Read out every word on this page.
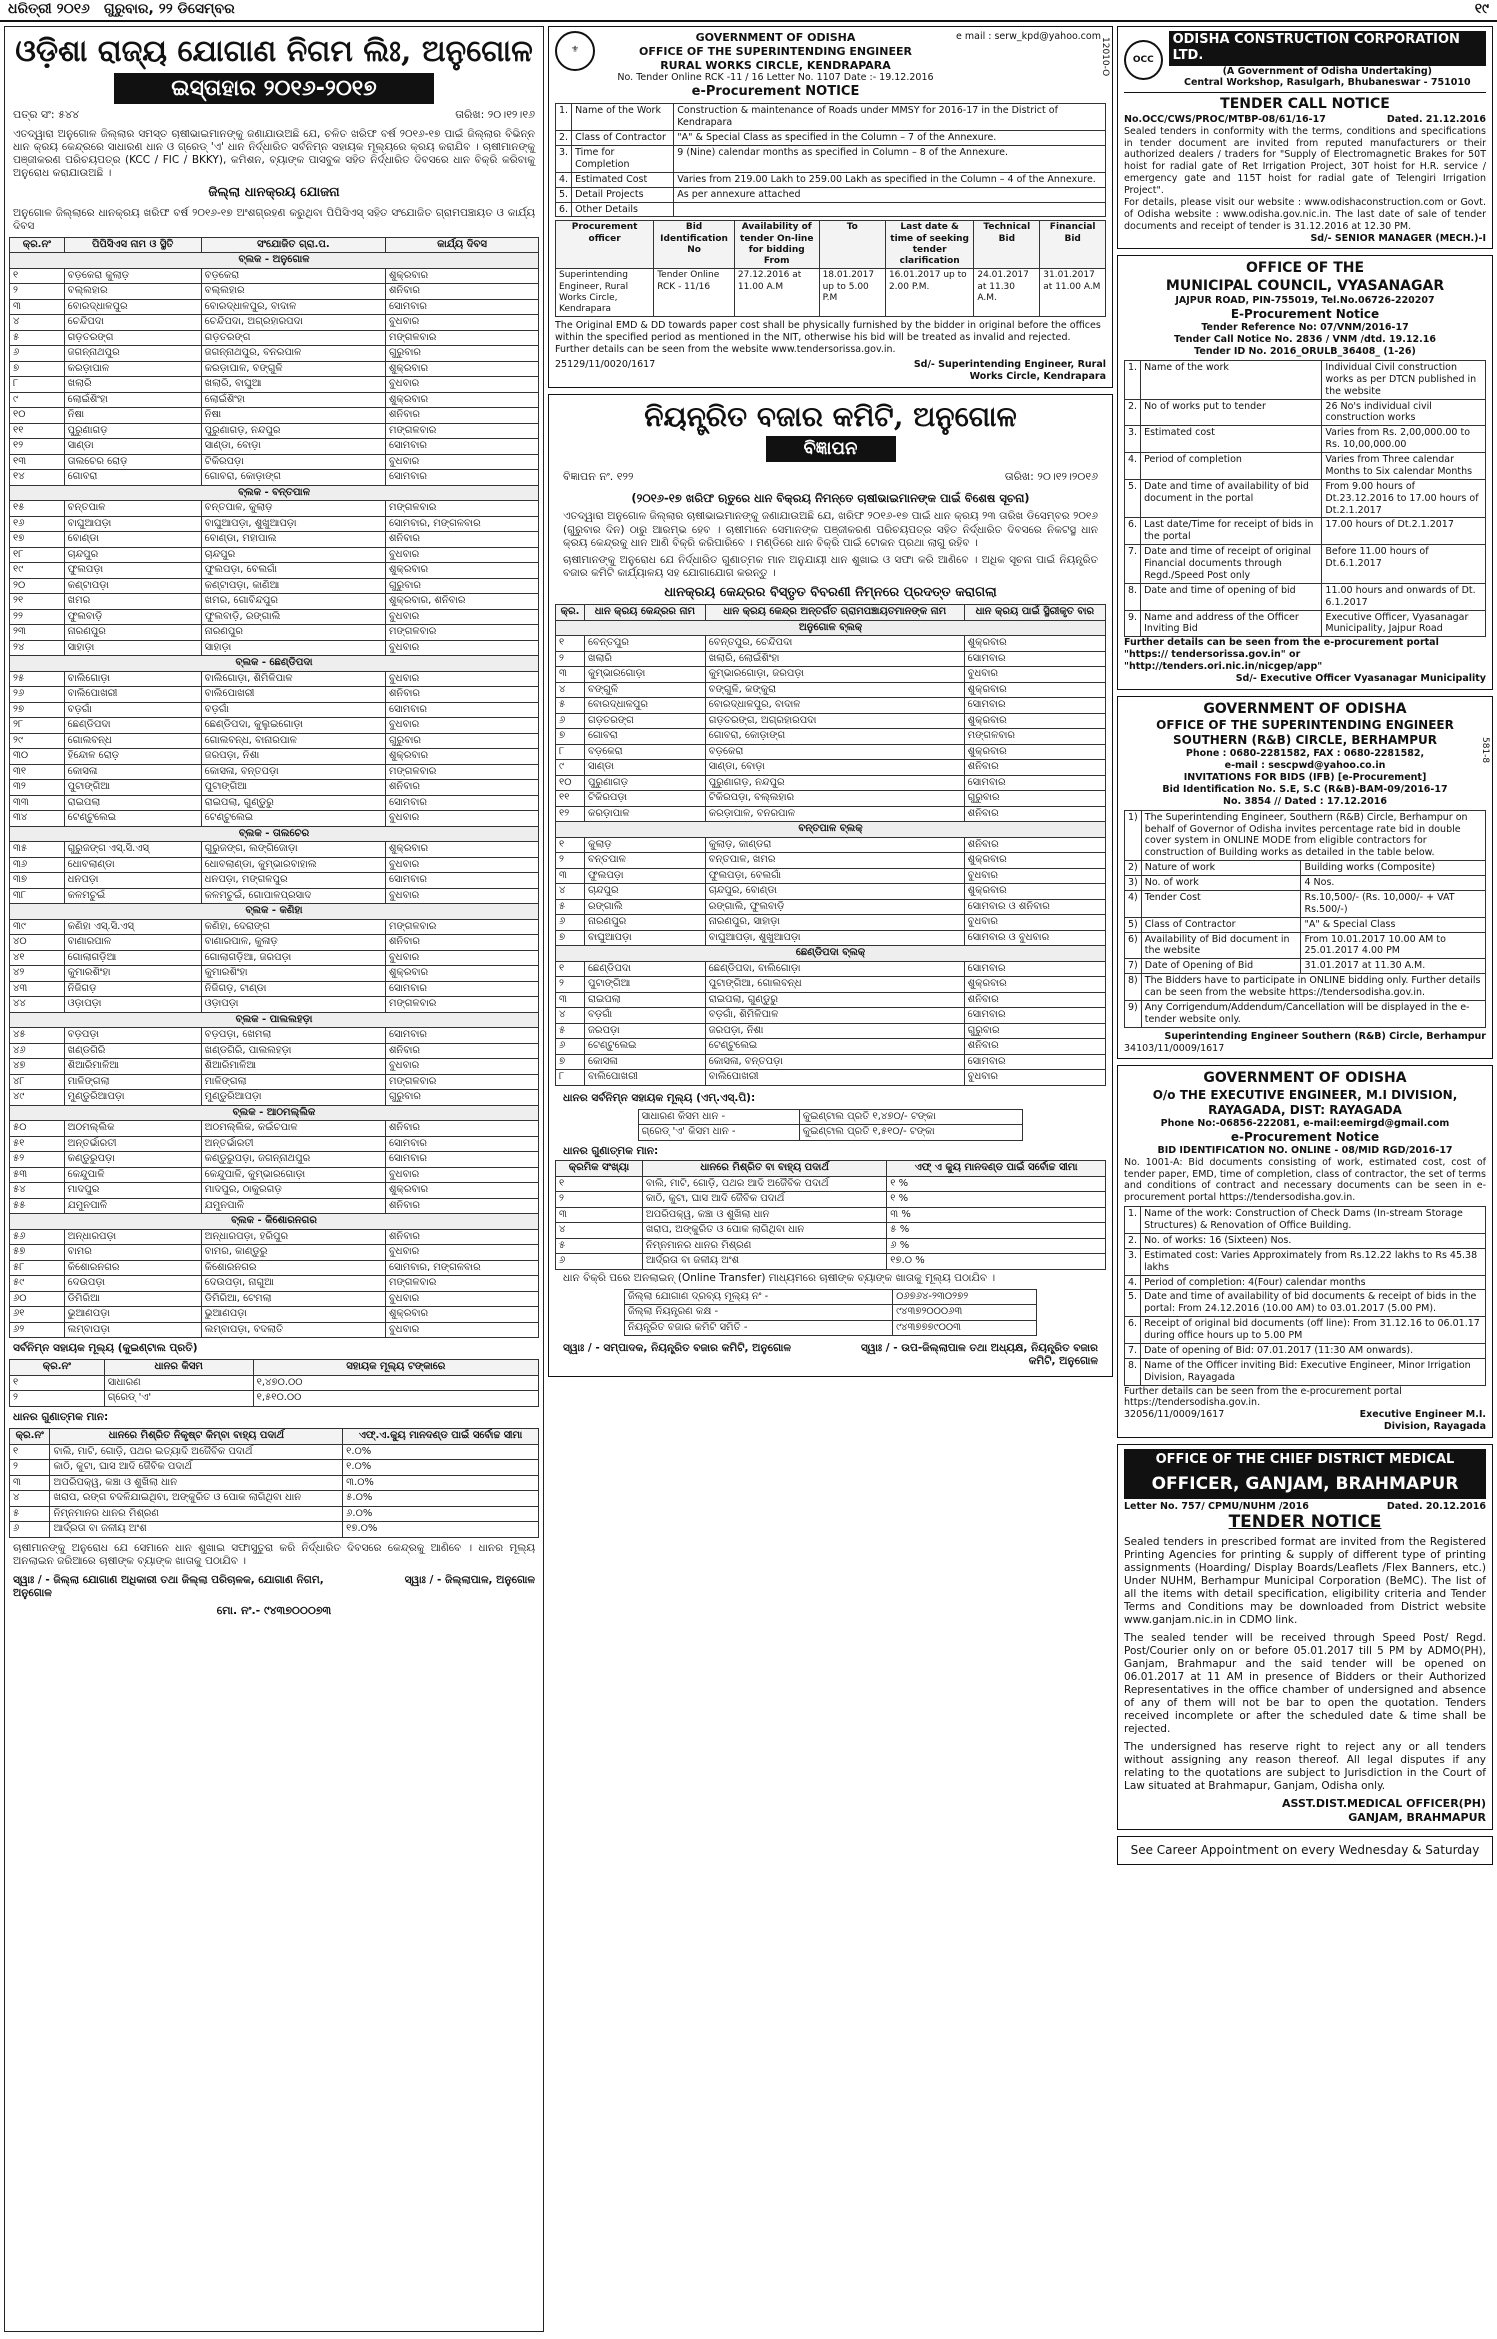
ଧରିତ୍ରୀ ୨୦୧୬ ଗୁରୁବାର, ୨୨ ଡିସେମ୍ବର	୧୯
ଓଡ଼ିଶା ରାଜ୍ୟ ଯୋଗାଣ ନିଗମ ଲିଃ, ଅନୁଗୋଳ
ଇସ୍ତାହାର ୨୦୧୬-୨୦୧୭
ପତ୍ର ସଂ: ୫୪୪	ତାରିଖ: ୨୦।୧୨।୧୬
ଏତଦ୍ୱାରା ଅନୁଗୋଳ ଜିଲ୍ଲାର ସମସ୍ତ ଚାଷୀଭାଇମାନଙ୍କୁ ଜଣାଯାଉଅଛି ଯେ, ଚଳିତ ଖରିଫ ବର୍ଷ ୨୦୧୬-୧୭ ପାଇଁ ଜିଲ୍ଲାର ବିଭିନ୍ନ ଧାନ କ୍ରୟ କେନ୍ଦ୍ରରେ ସାଧାରଣ ଧାନ ଓ ଗ୍ରେଡ୍ 'ଏ' ଧାନ ନିର୍ଦ୍ଧାରିତ ସର୍ବନିମ୍ନ ସହାୟକ ମୂଲ୍ୟରେ କ୍ରୟ କରାଯିବ । ଚାଷୀମାନଙ୍କୁ ପଞ୍ଜୀକରଣ ପରିଚୟପତ୍ର (KCC / FIC / BKKY), କମିଶନ, ବ୍ୟାଙ୍କ ପାସବୁକ ସହିତ ନିର୍ଦ୍ଧାରିତ ଦିବସରେ ଧାନ ବିକ୍ରି କରିବାକୁ ଅନୁରୋଧ କରାଯାଉଅଛି ।
ଜିଲ୍ଲା ଧାନକ୍ରୟ ଯୋଜନା
ଅନୁଗୋଳ ଜିଲ୍ଲାରେ ଧାନକ୍ରୟ ଖରିଫ ବର୍ଷ ୨୦୧୬-୧୭ ଅଂଶଗ୍ରହଣ କରୁଥିବା ପିପିସିଏସ୍ ସହିତ ସଂଯୋଜିତ ଗ୍ରାମପଞ୍ଚାୟତ ଓ କାର୍ଯ୍ୟ ଦିବସ
କ୍ର.ନଂ	ପିପିସିଏସ ନାମ ଓ ସ୍ଥିତି	ସଂଯୋଜିତ ଗ୍ରା.ପ.	କାର୍ଯ୍ୟ ଦିବସ
ବ୍ଲକ - ଅନୁଗୋଳ			
୧	ବଡ଼କେରା କୁଲାଡ଼	ବଡ଼କେରା	ଶୁକ୍ରବାର
୨	ବଲ୍ଲହାର	ବଲ୍ଲହାର	ଶନିବାର
୩	ବୋରଦ୍ଧାଳପୁର	ବୋରଦ୍ଧାଳପୁର, ବାଦାଳ	ସୋମବାର
୪	ଚେନ୍ଦିପଦା	ଚେନ୍ଦିପଦା, ଅଗ୍ରହାରପଦା	ବୁଧବାର
୫	ଗଡ଼ତରଙ୍ଗ	ଗଡ଼ତରଙ୍ଗ	ମଙ୍ଗଳବାର
୬	ଜଗନ୍ନାଥପୁର	ଜଗନ୍ନାଥପୁର, ବନରପାଳ	ଗୁରୁବାର
୭	କରଡ଼ାପାଳ	କରଡ଼ାପାଳ, ବଙ୍ଗୁଳି	ଶୁକ୍ରବାର
୮	ଖଲାରି	ଖଲାରି, ବାଘୁଆ	ବୁଧବାର
୯	ଲୋଇଁଶିଂହା	ଲୋଇଁଶିଂହା	ଶୁକ୍ରବାର
୧୦	ନିଷା	ନିଷା	ଶନିବାର
୧୧	ପୁରୁଣାଗଡ଼	ପୁରୁଣାଗଡ଼, ନନ୍ଦପୁର	ମଙ୍ଗଳବାର
୧୨	ସାଣ୍ଡା	ସାଣ୍ଡା, ବୋଡ଼ା	ସୋମବାର
୧୩	ତାଲଚେର ରୋଡ଼	ଟିକିରପଡ଼ା	ବୁଧବାର
୧୪	ଗୋବରା	ଗୋବରା, କୋଡ଼ାଙ୍ଗ	ସୋମବାର
ବ୍ଲକ - ବନ୍ତପାଳ			
୧୫	ବନ୍ତପାଳ	ବନ୍ତପାଳ, କୁଲାଡ଼	ମଙ୍ଗଳବାର
୧୬	ବାଘୁଆପଡ଼ା	ବାଘୁଆପଡ଼ା, ଶୁଖୁଆପଡ଼ା	ସୋମବାର, ମଙ୍ଗଳବାର
୧୭	ବୋଣ୍ଡା	ବୋଣ୍ଡା, ମହାପାଲ	ଶନିବାର
୧୮	ଚାନ୍ଦପୁର	ଚାନ୍ଦପୁର	ବୁଧବାର
୧୯	ଫୁଲପଡ଼ା	ଫୁଲପଡ଼ା, ବେଲଗାଁ	ଶୁକ୍ରବାର
୨୦	କଣ୍ଟାପଡ଼ା	କଣ୍ଟାପଡ଼ା, କାଣିଆ	ଗୁରୁବାର
୨୧	ଖମର	ଖମର, ଗୋବିନ୍ଦପୁର	ଶୁକ୍ରବାର, ଶନିବାର
୨୨	ଫୁଲବାଡ଼ି	ଫୁଲବାଡ଼ି, ରଙ୍ଗାଲି	ବୁଧବାର
୨୩	ନାରଣପୁର	ନାରଣପୁର	ମଙ୍ଗଳବାର
୨୪	ସାହାଡ଼ା	ସାହାଡ଼ା	ବୁଧବାର
ବ୍ଲକ - ଛେଣ୍ଡିପଦା			
୨୫	ବାଲିଗୋଡ଼ା	ବାଲିଗୋଡ଼ା, ଶିମିଳିପାଳ	ବୁଧବାର
୨୬	ବାଲିପୋଖରୀ	ବାଲିପୋଖରୀ	ଶନିବାର
୨୭	ବଡ଼ଗାଁ	ବଡ଼ଗାଁ	ସୋମବାର
୨୮	ଛେଣ୍ଡିପଦା	ଛେଣ୍ଡିପଦା, କୁଲୁଇଗୋଡ଼ା	ବୁଧବାର
୨୯	ଗୋଲବନ୍ଧ	ଗୋଲବନ୍ଧ, ବାନାରପାଳ	ଗୁରୁବାର
୩୦	ହିନ୍ଦୋଳ ରୋଡ଼	ଜରପଡ଼ା, ନିଶା	ଶୁକ୍ରବାର
୩୧	କୋସଳା	କୋସଳା, ବନ୍ତପଡ଼ା	ମଙ୍ଗଳବାର
୩୨	ପୁଟାଙ୍ଗିଆ	ପୁଟାଙ୍ଗିଆ	ଶନିବାର
୩୩	ରାଇପଲା	ରାଇପଲା, ଗୁଣ୍ଡୁରୁ	ସୋମବାର
୩୪	ଟେଣ୍ଟୁଲେଇ	ଟେଣ୍ଟୁଲେଇ	ବୁଧବାର
ବ୍ଲକ - ତାଲଚେର			
୩୫	ଗୁରୁଜଙ୍ଗ ଏସ୍.ସି.ଏସ୍	ଗୁରୁଜଙ୍ଗ, ଲଙ୍ଗିଜୋଡ଼ା	ଶୁକ୍ରବାର
୩୬	ଧୋବଲାଣ୍ଡା	ଧୋବଲାଣ୍ଡା, କୁମ୍ଭାରବାହାଲ	ବୁଧବାର
୩୭	ଧନପଡ଼ା	ଧନପଡ଼ା, ମଙ୍ଗଳପୁର	ସୋମବାର
୩୮	କଳମଚୁଇଁ	କଳମଚୁଇଁ, ଗୋପାଳପ୍ରସାଦ	ବୁଧବାର
ବ୍ଲକ - କଣିହା			
୩୯	କଣିହା ଏସ୍.ସି.ଏସ୍	କଣିହା, ଦେରାଙ୍ଗ	ମଙ୍ଗଳବାର
୪୦	ବାଣାରପାଳ	ବାଣାରପାଳ, କୁଳାଡ଼	ଶନିବାର
୪୧	ଗୋଲାଗଡ଼ିଆ	ଗୋଲାଗଡ଼ିଆ, ଜରପଡ଼ା	ବୁଧବାର
୪୨	କୁମାରଶିଂହା	କୁମାରଶିଂହା	ଶୁକ୍ରବାର
୪୩	ନିଜିଗଡ଼	ନିଜିଗଡ଼, ଟାଣ୍ଡା	ସୋମବାର
୪୪	ଓଡ଼ାପଡ଼ା	ଓଡ଼ାପଡ଼ା	ମଙ୍ଗଳବାର
ବ୍ଲକ - ପାଲଲହଡ଼ା			
୪୫	ବଡ଼ପଡ଼ା	ବଡ଼ପଡ଼ା, ଖେମଲା	ସୋମବାର
୪୬	ଖଣ୍ଡଗିରି	ଖଣ୍ଡଗିରି, ପାଲଲହଡ଼ା	ଶନିବାର
୪୭	ଶିଆରିମାଳିଆ	ଶିଆରିମାଳିଆ	ବୁଧବାର
୪୮	ମାଳିଙ୍ଗଲା	ମାଳିଙ୍ଗଲା	ମଙ୍ଗଳବାର
୪୯	ମୁଣ୍ଡୁରିଆପଡ଼ା	ମୁଣ୍ଡୁରିଆପଡ଼ା	ଗୁରୁବାର
ବ୍ଲକ - ଆଠମଲ୍ଲିକ			
୫୦	ଅଠମଲ୍ଲିକ	ଅଠମଲ୍ଲିକ, କଇଁଚପାଳ	ଶନିବାର
୫୧	ଅନ୍ତର୍ଭାରତୀ	ଅନ୍ତର୍ଭାରତୀ	ସୋମବାର
୫୨	କଣ୍ଡୁରୁପଡ଼ା	କଣ୍ଡୁରୁପଡ଼ା, ଜଗନ୍ନାଥପୁର	ସୋମବାର
୫୩	କେନ୍ଦୁପାଳି	କେନ୍ଦୁପାଳି, କୁମ୍ଭାରଗୋଡ଼ା	ବୁଧବାର
୫୪	ମାଦପୁର	ମାଦପୁର, ଠାକୁରଗଡ଼	ଶୁକ୍ରବାର
୫୫	ଯମୁନପାଳି	ଯମୁନପାଳି	ଶନିବାର
ବ୍ଲକ - କିଶୋରନଗର			
୫୬	ଅନ୍ଧାରପଡ଼ା	ଅନ୍ଧାରପଡ଼ା, ହରିପୁର	ଶନିବାର
୫୭	ବାମର	ବାମର, କାଣ୍ଡୁରୁ	ବୁଧବାର
୫୮	କିଶୋରନଗର	କିଶୋରନଗର	ସୋମବାର, ମଙ୍ଗଳବାର
୫୯	ଦେଉପଡ଼ା	ଦେଉପଡ଼ା, ନାଗୁଆ	ମଙ୍ଗଳବାର
୬୦	ଡିମିରିଆ	ଡିମିରିଆ, ଟେମଲା	ବୁଧବାର
୬୧	ଭୁଆଣପଡ଼ା	ଭୁଆଣପଡ଼ା	ଶୁକ୍ରବାର
୬୨	ଲମ୍ବାପଡ଼ା	ଲମ୍ବାପଡ଼ା, ବଦଲାତି	ବୁଧବାର
ସର୍ବନିମ୍ନ ସହାୟକ ମୂଲ୍ୟ (କୁଇଣ୍ଟାଲ ପ୍ରତି)
କ୍ର.ନଂ	ଧାନର କିସମ	ସହାୟକ ମୂଲ୍ୟ ଟଙ୍କାରେ
୧	ସାଧାରଣ	୧,୪୭୦.୦୦
୨	ଗ୍ରେଡ୍ 'ଏ'	୧,୫୧୦.୦୦
ଧାନର ଗୁଣାତ୍ମକ ମାନ:
କ୍ର.ନଂ	ଧାନରେ ମିଶ୍ରିତ ନିକୃଷ୍ଟ କିମ୍ବା ବାହ୍ୟ ପଦାର୍ଥ	ଏଫ୍.ଏ.କ୍ୟୁ ମାନଦଣ୍ଡ ପାଇଁ ସର୍ବୋଚ୍ଚ ସୀମା
୧	ବାଲି, ମାଟି, ଗୋଡ଼ି, ପଥର ଇତ୍ୟାଦି ଅଜୈବିକ ପଦାର୍ଥ	୧.୦%
୨	କାଠି, କୁଟା, ଘାସ ଆଦି ଜୈବିକ ପଦାର୍ଥ	୧.୦%
୩	ଅପରିପକ୍ୱ, କଞ୍ଚା ଓ ଶୁଖିଲା ଧାନ	୩.୦%
୪	ଖରାପ, ରଙ୍ଗ ବଦଳିଯାଇଥିବା, ଅଙ୍କୁରିତ ଓ ପୋକ ଲାଗିଥିବା ଧାନ	୫.୦%
୫	ନିମ୍ନମାନର ଧାନର ମିଶ୍ରଣ	୬.୦%
୬	ଆର୍ଦ୍ରତା ବା ଜଳୀୟ ଅଂଶ	୧୭.୦%
ଚାଷୀମାନଙ୍କୁ ଅନୁରୋଧ ଯେ ସେମାନେ ଧାନ ଶୁଖାଇ ସଫାସୁତୁରା କରି ନିର୍ଦ୍ଧାରିତ ଦିବସରେ କେନ୍ଦ୍ରକୁ ଆଣିବେ । ଧାନର ମୂଲ୍ୟ ଅନଲାଇନ ଜରିଆରେ ଚାଷୀଙ୍କ ବ୍ୟାଙ୍କ ଖାତାକୁ ପଠାଯିବ ।
ସ୍ୱାଃ / - ଜିଲ୍ଲା ଯୋଗାଣ ଅଧିକାରୀ ତଥା ଜିଲ୍ଲା ପରିଚାଳକ, ଯୋଗାଣ ନିଗମ, ଅନୁଗୋଳ
ସ୍ୱାଃ / - ଜିଲ୍ଲାପାଳ, ଅନୁଗୋଳ
ମୋ. ନଂ.- ୯୪୩୭୦୦୦୭୩
12010-O
⚜
GOVERNMENT OF ODISHA
OFFICE OF THE SUPERINTENDING ENGINEER
RURAL WORKS CIRCLE, KENDRAPARA
No. Tender Online RCK -11 / 16 Letter No. 1107 Date :- 19.12.2016
e-Procurement NOTICE
e mail : serw_kpd@yahoo.com
1.	Name of the Work	Construction & maintenance of Roads under MMSY for 2016-17 in the District of Kendrapara
2.	Class of Contractor	"A" & Special Class as specified in the Column – 7 of the Annexure.
3.	Time for Completion	9 (Nine) calendar months as specified in Column – 8 of the Annexure.
4.	Estimated Cost	Varies from 219.00 Lakh to 259.00 Lakh as specified in the Column – 4 of the Annexure.
5.	Detail Projects	As per annexure attached
6.	Other Details	
Procurement officer	Bid Identification No	Availability of tender On-line for bidding From	To	Last date & time of seeking tender clarification	Technical Bid	Financial Bid
Superintending Engineer, Rural Works Circle, Kendrapara	Tender Online RCK - 11/16	27.12.2016 at 11.00 A.M	18.01.2017 up to 5.00 P.M	16.01.2017 up to 2.00 P.M.	24.01.2017 at 11.30 A.M.	31.01.2017 at 11.00 A.M
The Original EMD & DD towards paper cost shall be physically furnished by the bidder in original before the offices within the specified period as mentioned in the NIT, otherwise his bid will be treated as invalid and rejected. Further details can be seen from the website www.tendersorissa.gov.in.
25129/11/0020/1617	Sd/- Superintending Engineer, Rural Works Circle, Kendrapara
ନିୟନ୍ତ୍ରିତ ବଜାର କମିଟି, ଅନୁଗୋଳ
ବିଜ୍ଞାପନ
ବିଜ୍ଞାପନ ନଂ. ୧୨୨	ତାରିଖ: ୨୦।୧୨।୨୦୧୬
(୨୦୧୬-୧୭ ଖରିଫ ଋତୁରେ ଧାନ ବିକ୍ରୟ ନିମନ୍ତେ ଚାଷୀଭାଇମାନଙ୍କ ପାଇଁ ବିଶେଷ ସୂଚନା)
ଏତଦ୍ୱାରା ଅନୁଗୋଳ ଜିଲ୍ଲାର ଚାଷୀଭାଇମାନଙ୍କୁ ଜଣାଯାଉଅଛି ଯେ, ଖରିଫ ୨୦୧୬-୧୭ ପାଇଁ ଧାନ କ୍ରୟ ୨୩ ତାରିଖ ଡିସେମ୍ବର ୨୦୧୬ (ଗୁରୁବାର ଦିନ) ଠାରୁ ଆରମ୍ଭ ହେବ । ଚାଷୀମାନେ ସେମାନଙ୍କ ପଞ୍ଜୀକରଣ ପରିଚୟପତ୍ର ସହିତ ନିର୍ଦ୍ଧାରିତ ଦିବସରେ ନିକଟସ୍ଥ ଧାନ କ୍ରୟ କେନ୍ଦ୍ରକୁ ଧାନ ଆଣି ବିକ୍ରି କରିପାରିବେ । ମଣ୍ଡିରେ ଧାନ ବିକ୍ରି ପାଇଁ ଟୋକନ ପ୍ରଥା ଲାଗୁ ରହିବ ।
ଚାଷୀମାନଙ୍କୁ ଅନୁରୋଧ ଯେ ନିର୍ଦ୍ଧାରିତ ଗୁଣାତ୍ମକ ମାନ ଅନୁଯାୟୀ ଧାନ ଶୁଖାଇ ଓ ସଫା କରି ଆଣିବେ । ଅଧିକ ସୂଚନା ପାଇଁ ନିୟନ୍ତ୍ରିତ ବଜାର କମିଟି କାର୍ଯ୍ୟାଳୟ ସହ ଯୋଗାଯୋଗ କରନ୍ତୁ ।
ଧାନକ୍ରୟ କେନ୍ଦ୍ରର ବିସ୍ତୃତ ବିବରଣୀ ନିମ୍ନରେ ପ୍ରଦତ୍ତ କରାଗଲା
କ୍ର.	ଧାନ କ୍ରୟ କେନ୍ଦ୍ରର ନାମ	ଧାନ କ୍ରୟ କେନ୍ଦ୍ର ଅନ୍ତର୍ଗତ ଗ୍ରାମପଞ୍ଚାୟତମାନଙ୍କ ନାମ	ଧାନ କ୍ରୟ ପାଇଁ ସ୍ଥିରୀକୃତ ବାର
ଅନୁଗୋଳ ବ୍ଲକ୍			
୧	ବେନ୍ତପୁର	ବେନ୍ତପୁର, ଚେନ୍ଦିପଦା	ଶୁକ୍ରବାର
୨	ଖଲାରି	ଖଲାରି, ଲୋଇଁଶିଂହା	ସୋମବାର
୩	କୁମ୍ଭାରଗୋଡ଼ା	କୁମ୍ଭାରଗୋଡ଼ା, ଜରପଡ଼ା	ବୁଧବାର
୪	ବଙ୍ଗୁଳି	ବଙ୍ଗୁଳି, କଙ୍କୁରା	ଶୁକ୍ରବାର
୫	ବୋରଦ୍ଧାଳପୁର	ବୋରଦ୍ଧାଳପୁର, ବାଦାଳ	ସୋମବାର
୬	ଗଡ଼ତରଙ୍ଗ	ଗଡ଼ତରଙ୍ଗ, ଅଗ୍ରହାରପଦା	ଶୁକ୍ରବାର
୭	ଗୋବରା	ଗୋବରା, କୋଡ଼ାଙ୍ଗ	ମଙ୍ଗଳବାର
୮	ବଡ଼କେରା	ବଡ଼କେରା	ଶୁକ୍ରବାର
୯	ସାଣ୍ଡା	ସାଣ୍ଡା, ବୋଡ଼ା	ଶନିବାର
୧୦	ପୁରୁଣାଗଡ଼	ପୁରୁଣାଗଡ଼, ନନ୍ଦପୁର	ସୋମବାର
୧୧	ଟିକିରପଡ଼ା	ଟିକିରପଡ଼ା, ବଲ୍ଲହାର	ଗୁରୁବାର
୧୨	କରଡ଼ାପାଳ	କରଡ଼ାପାଳ, ବନରପାଳ	ଶନିବାର
ବନ୍ତପାଳ ବ୍ଲକ୍			
୧	କୁଲାଡ଼	କୁଲାଡ଼, କାଣ୍ଡରା	ଶନିବାର
୨	ବନ୍ତପାଳ	ବନ୍ତପାଳ, ଖମର	ଶୁକ୍ରବାର
୩	ଫୁଲପଡ଼ା	ଫୁଲପଡ଼ା, ବେଲଗାଁ	ବୁଧବାର
୪	ଚାନ୍ଦପୁର	ଚାନ୍ଦପୁର, ବୋଣ୍ଡା	ଶୁକ୍ରବାର
୫	ରଙ୍ଗାଲି	ରଙ୍ଗାଲି, ଫୁଲବାଡ଼ି	ସୋମବାର ଓ ଶନିବାର
୬	ନାରଣପୁର	ନାରଣପୁର, ସାହାଡ଼ା	ବୁଧବାର
୭	ବାଘୁଆପଡ଼ା	ବାଘୁଆପଡ଼ା, ଶୁଖୁଆପଡ଼ା	ସୋମବାର ଓ ବୁଧବାର
ଛେଣ୍ଡିପଦା ବ୍ଲକ୍			
୧	ଛେଣ୍ଡିପଦା	ଛେଣ୍ଡିପଦା, ବାଲିଗୋଡ଼ା	ସୋମବାର
୨	ପୁଟାଙ୍ଗିଆ	ପୁଟାଙ୍ଗିଆ, ଗୋଲବନ୍ଧ	ଶୁକ୍ରବାର
୩	ରାଇପଲା	ରାଇପଲା, ଗୁଣ୍ଡୁରୁ	ଶନିବାର
୪	ବଡ଼ଗାଁ	ବଡ଼ଗାଁ, ଶିମିଳିପାଳ	ସୋମବାର
୫	ଜରପଡ଼ା	ଜରପଡ଼ା, ନିଶା	ଗୁରୁବାର
୬	ଟେଣ୍ଟୁଲେଇ	ଟେଣ୍ଟୁଲେଇ	ଶନିବାର
୭	କୋସଳା	କୋସଳା, ବନ୍ତପଡ଼ା	ସୋମବାର
୮	ବାଲିପୋଖରୀ	ବାଲିପୋଖରୀ	ବୁଧବାର
ଧାନର ସର୍ବନିମ୍ନ ସହାୟକ ମୂଲ୍ୟ (ଏମ୍.ଏସ୍.ପି):
ସାଧାରଣ କିସମ ଧାନ -	କୁଇଣ୍ଟାଲ ପ୍ରତି ୧,୪୭୦/- ଟଙ୍କା
ଗ୍ରେଡ୍ 'ଏ' କିସମ ଧାନ -	କୁଇଣ୍ଟାଲ ପ୍ରତି ୧,୫୧୦/- ଟଙ୍କା
ଧାନର ଗୁଣାତ୍ମକ ମାନ:
କ୍ରମିକ ସଂଖ୍ୟା	ଧାନରେ ମିଶ୍ରିତ ବା ବାହ୍ୟ ପଦାର୍ଥ	ଏଫ୍ ଏ କ୍ୟୁ ମାନଦଣ୍ଡ ପାଇଁ ସର୍ବୋଚ୍ଚ ସୀମା
୧	ବାଲି, ମାଟି, ଗୋଡ଼ି, ପଥର ଆଦି ଅଜୈବିକ ପଦାର୍ଥ	୧ %
୨	କାଠି, କୁଟା, ଘାସ ଆଦି ଜୈବିକ ପଦାର୍ଥ	୧ %
୩	ଅପରିପକ୍ୱ, କଞ୍ଚା ଓ ଶୁଖିଲା ଧାନ	୩ %
୪	ଖରାପ, ଅଙ୍କୁରିତ ଓ ପୋକ ଲାଗିଥିବା ଧାନ	୫ %
୫	ନିମ୍ନମାନର ଧାନର ମିଶ୍ରଣ	୬ %
୬	ଆର୍ଦ୍ରତା ବା ଜଳୀୟ ଅଂଶ	୧୭.୦ %
ଧାନ ବିକ୍ରି ପରେ ଅନଲାଇନ୍ (Online Transfer) ମାଧ୍ୟମରେ ଚାଷୀଙ୍କ ବ୍ୟାଙ୍କ ଖାତାକୁ ମୂଲ୍ୟ ପଠାଯିବ ।
ଜିଲ୍ଲା ଯୋଗାଣ ଦ୍ରବ୍ୟ ମୂଲ୍ୟ ନଂ -	୦୬୭୬୪-୨୩୦୨୭୨
ଜିଲ୍ଲା ନିୟନ୍ତ୍ରଣ କକ୍ଷ -	୯୪୩୭୨୦୦୦୬୩
ନିୟନ୍ତ୍ରିତ ବଜାର କମିଟି ସମିତି -	୯୪୩୭୭୭୯୦୦୩
ସ୍ୱାଃ / - ସମ୍ପାଦକ, ନିୟନ୍ତ୍ରିତ ବଜାର କମିଟି, ଅନୁଗୋଳ	ସ୍ୱାଃ / - ଉପ-ଜିଲ୍ଲାପାଳ ତଥା ଅଧ୍ୟକ୍ଷ, ନିୟନ୍ତ୍ରିତ ବଜାର କମିଟି, ଅନୁଗୋଳ
OCC
ODISHA CONSTRUCTION CORPORATION LTD.
(A Government of Odisha Undertaking)
Central Workshop, Rasulgarh, Bhubaneswar - 751010
TENDER CALL NOTICE
No.OCC/CWS/PROC/MTBP-08/61/16-17	Dated. 21.12.2016
Sealed tenders in conformity with the terms, conditions and specifications in tender document are invited from reputed manufacturers or their authorized dealers / traders for "Supply of Electromagnetic Brakes for 50T hoist for radial gate of Ret Irrigation Project, 30T hoist for H.R. service / emergency gate and 115T hoist for radial gate of Telengiri Irrigation Project".
For details, please visit our website : www.odishaconstruction.com or Govt. of Odisha website : www.odisha.gov.nic.in. The last date of sale of tender documents and receipt of tender is 31.12.2016 at 12.30 PM.
Sd/- SENIOR MANAGER (MECH.)-I
OFFICE OF THE
MUNICIPAL COUNCIL, VYASANAGAR
JAJPUR ROAD, PIN-755019, Tel.No.06726-220207
E-Procurement Notice
Tender Reference No: 07/VNM/2016-17
Tender Call Notice No. 2836 / VNM /dtd. 19.12.16
Tender ID No. 2016_ORULB_36408_ (1-26)
1.	Name of the work	Individual Civil construction works as per DTCN published in the website
2.	No of works put to tender	26 No's individual civil construction works
3.	Estimated cost	Varies from Rs. 2,00,000.00 to Rs. 10,00,000.00
4.	Period of completion	Varies from Three calendar Months to Six calendar Months
5.	Date and time of availability of bid document in the portal	From 9.00 hours of Dt.23.12.2016 to 17.00 hours of Dt.2.1.2017
6.	Last date/Time for receipt of bids in the portal	17.00 hours of Dt.2.1.2017
7.	Date and time of receipt of original Financial documents through Regd./Speed Post only	Before 11.00 hours of Dt.6.1.2017
8.	Date and time of opening of bid	11.00 hours and onwards of Dt. 6.1.2017
9.	Name and address of the Officer Inviting Bid	Executive Officer, Vyasanagar Municipality, Jajpur Road
Further details can be seen from the e-procurement portal "https:// tendersorissa.gov.in" or "http://tenders.ori.nic.in/nicgep/app"
Sd/- Executive Officer Vyasanagar Municipality
581-8
GOVERNMENT OF ODISHA
OFFICE OF THE SUPERINTENDING ENGINEER
SOUTHERN (R&B) CIRCLE, BERHAMPUR
Phone : 0680-2281582, FAX : 0680-2281582,
e-mail : sescpwd@yahoo.co.in
INVITATIONS FOR BIDS (IFB) [e-Procurement]
Bid Identification No. S.E, S.C (R&B)-BAM-09/2016-17
No. 3854 // Dated : 17.12.2016
1)	The Superintending Engineer, Southern (R&B) Circle, Berhampur on behalf of Governor of Odisha invites percentage rate bid in double cover system in ONLINE MODE from eligible contractors for construction of Building works as detailed in the table below.	
2)	Nature of work	Building works (Composite)
3)	No. of work	4 Nos.
4)	Tender Cost	Rs.10,500/- (Rs. 10,000/- + VAT Rs.500/-)
5)	Class of Contractor	"A" & Special Class
6)	Availability of Bid document in the website	From 10.01.2017 10.00 AM to 25.01.2017 4.00 PM
7)	Date of Opening of Bid	31.01.2017 at 11.30 A.M.
8)	The Bidders have to participate in ONLINE bidding only. Further details can be seen from the website https://tendersodisha.gov.in.	
9)	Any Corrigendum/Addendum/Cancellation will be displayed in the e-tender website only.	
Superintending Engineer Southern (R&B) Circle, Berhampur
34103/11/0009/1617
GOVERNMENT OF ODISHA
O/o THE EXECUTIVE ENGINEER, M.I DIVISION, RAYAGADA, DIST: RAYAGADA
Phone No:-06856-222081, e-mail:eemirgd@gmail.com
e-Procurement Notice
BID IDENTIFICATION NO. ONLINE - 08/MID RGD/2016-17
No. 1001-A: Bid documents consisting of work, estimated cost, cost of tender paper, EMD, time of completion, class of contractor, the set of terms and conditions of contract and necessary documents can be seen in e-procurement portal https://tendersodisha.gov.in.
1.	Name of the work: Construction of Check Dams (In-stream Storage Structures) & Renovation of Office Building.
2.	No. of works: 16 (Sixteen) Nos.
3.	Estimated cost: Varies Approximately from Rs.12.22 lakhs to Rs 45.38 lakhs
4.	Period of completion: 4(Four) calendar months
5.	Date and time of availability of bid documents & receipt of bids in the portal: From 24.12.2016 (10.00 AM) to 03.01.2017 (5.00 PM).
6.	Receipt of original bid documents (off line): From 31.12.16 to 06.01.17 during office hours up to 5.00 PM
7.	Date of opening of Bid: 07.01.2017 (11:30 AM onwards).
8.	Name of the Officer inviting Bid: Executive Engineer, Minor Irrigation Division, Rayagada
Further details can be seen from the e-procurement portal https://tendersodisha.gov.in.
32056/11/0009/1617	Executive Engineer M.I. Division, Rayagada
OFFICE OF THE CHIEF DISTRICT MEDICAL
OFFICER, GANJAM, BRAHMAPUR
Letter No. 757/ CPMU/NUHM /2016	Dated. 20.12.2016
TENDER NOTICE
Sealed tenders in prescribed format are invited from the Registered Printing Agencies for printing & supply of different type of printing assignments (Hoarding/ Display Boards/Leaflets /Flex Banners, etc.) Under NUHM, Berhampur Municipal Corporation (BeMC). The list of all the items with detail specification, eligibility criteria and Tender Terms and Conditions may be downloaded from District website www.ganjam.nic.in in CDMO link.
The sealed tender will be received through Speed Post/ Regd. Post/Courier only on or before 05.01.2017 till 5 PM by ADMO(PH), Ganjam, Brahmapur and the said tender will be opened on 06.01.2017 at 11 AM in presence of Bidders or their Authorized Representatives in the office chamber of undersigned and absence of any of them will not be bar to open the quotation. Tenders received incomplete or after the scheduled date & time shall be rejected.
The undersigned has reserve right to reject any or all tenders without assigning any reason thereof. All legal disputes if any relating to the quotations are subject to Jurisdiction in the Court of Law situated at Brahmapur, Ganjam, Odisha only.
ASST.DIST.MEDICAL OFFICER(PH)
GANJAM, BRAHMAPUR
See Career Appointment on every Wednesday & Saturday
